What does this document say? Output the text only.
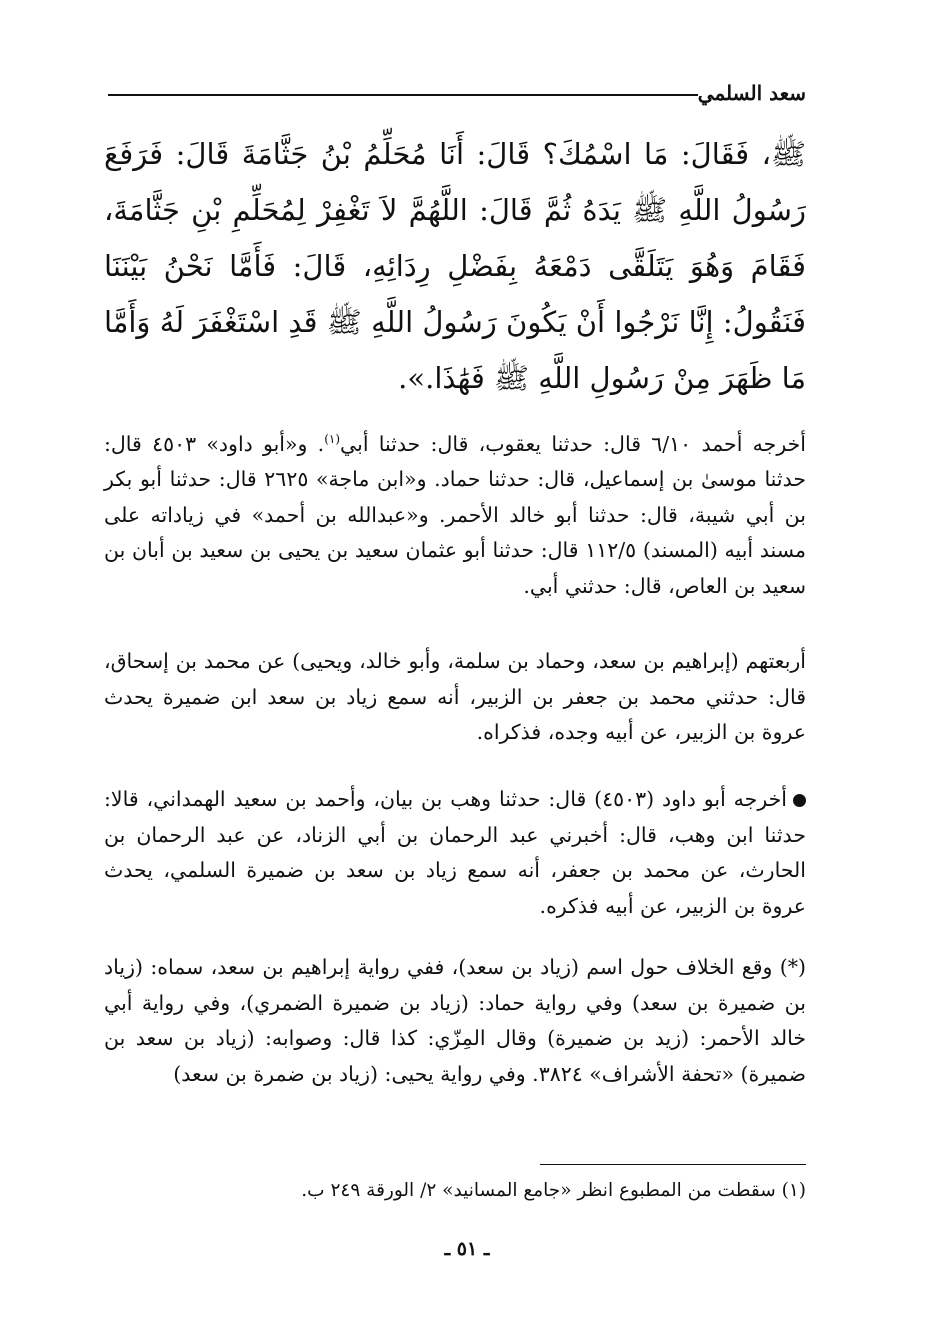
سعد السلمي
ﷺ، فَقَالَ: مَا اسْمُكَ؟ قَالَ: أَنَا مُحَلِّمُ بْنُ جَثَّامَةَ قَالَ: فَرَفَعَ رَسُولُ اللَّهِ ﷺ يَدَهُ ثُمَّ قَالَ: اللَّهُمَّ لاَ تَغْفِرْ لِمُحَلِّمِ بْنِ جَثَّامَةَ، فَقَامَ وَهُوَ يَتَلَقَّى دَمْعَهُ بِفَضْلِ رِدَائِهِ، قَالَ: فَأَمَّا نَحْنُ بَيْنَنَا فَنَقُولُ: إِنَّا نَرْجُوا أَنْ يَكُونَ رَسُولُ اللَّهِ ﷺ قَدِ اسْتَغْفَرَ لَهُ وَأَمَّا مَا ظَهَرَ مِنْ رَسُولِ اللَّهِ ﷺ فَهَٰذَا.».
أخرجه أحمد ٦/١٠ قال: حدثنا يعقوب، قال: حدثنا أبي$^{(١)}$. و«أبو داود» ٤٥٠٣ قال: حدثنا موسىٰ بن إسماعيل، قال: حدثنا حماد. و«ابن ماجة» ٢٦٢٥ قال: حدثنا أبو بكر بن أبي شيبة، قال: حدثنا أبو خالد الأحمر. و«عبدالله بن أحمد» في زياداته على مسند أبيه (المسند) ١١٢/٥ قال: حدثنا أبو عثمان سعيد بن يحيى بن سعيد بن أبان بن سعيد بن العاص، قال: حدثني أبي.
أربعتهم (إبراهيم بن سعد، وحماد بن سلمة، وأبو خالد، ويحيى) عن محمد بن إسحاق، قال: حدثني محمد بن جعفر بن الزبير، أنه سمع زياد بن سعد ابن ضميرة يحدث عروة بن الزبير، عن أبيه وجده، فذكراه.
أخرجه أبو داود (٤٥٠٣) قال: حدثنا وهب بن بيان، وأحمد بن سعيد الهمداني، قالا: حدثنا ابن وهب، قال: أخبرني عبد الرحمان بن أبي الزناد، عن عبد الرحمان بن الحارث، عن محمد بن جعفر، أنه سمع زياد بن سعد بن ضميرة السلمي، يحدث عروة بن الزبير، عن أبيه فذكره.
(*) وقع الخلاف حول اسم (زياد بن سعد)، ففي رواية إبراهيم بن سعد، سماه: (زياد بن ضميرة بن سعد) وفي رواية حماد: (زياد بن ضميرة الضمري)، وفي رواية أبي خالد الأحمر: (زيد بن ضميرة) وقال المِزّي: كذا قال: وصوابه: (زياد بن سعد بن ضميرة) «تحفة الأشراف» ٣٨٢٤. وفي رواية يحيى: (زياد بن ضمرة بن سعد)
(١) سقطت من المطبوع انظر «جامع المسانيد» ٢/ الورقة ٢٤٩ ب.
ـ ٥١ ـ
